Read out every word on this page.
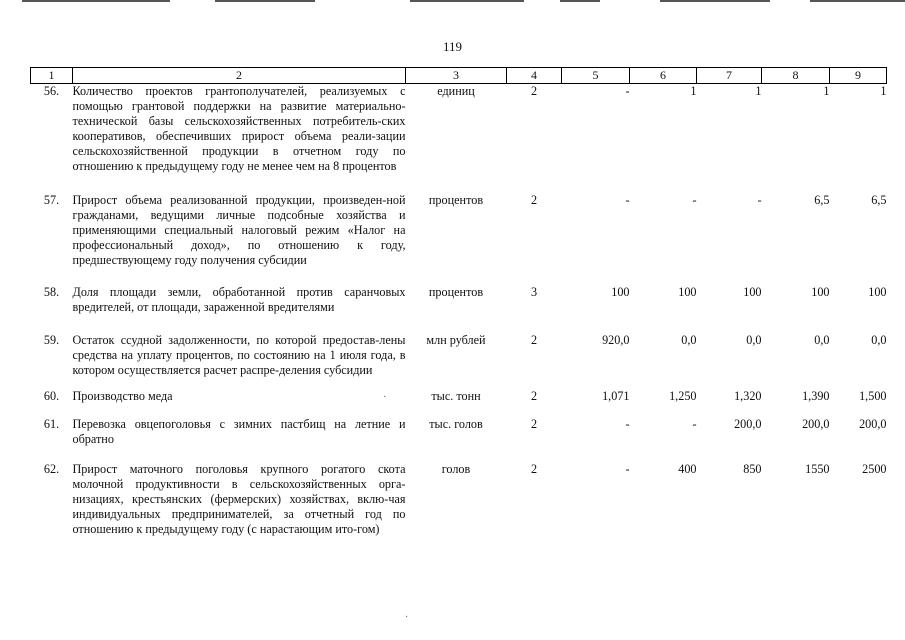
119
1	2	3	4	5	6	7	8	9
56.	Количество проектов грантополучателей, реализуемых с помощью грантовой поддержки на развитие материально-технической базы сельскохозяйственных потребитель-ских кооперативов, обеспечивших прирост объема реали-зации сельскохозяйственной продукции в отчетном году по отношению к предыдущему году не менее чем на 8 процентов	единиц	2	-	1	1	1	1
57.	Прирост объема реализованной продукции, произведен-ной гражданами, ведущими личные подсобные хозяйства и применяющими специальный налоговый режим «Налог на профессиональный доход», по отношению к году, предшествующему году получения субсидии	процентов	2	-	-	-	6,5	6,5
58.	Доля площади земли, обработанной против саранчовых вредителей, от площади, зараженной вредителями	процентов	3	100	100	100	100	100
59.	Остаток ссудной задолженности, по которой предостав-лены средства на уплату процентов, по состоянию на 1 июля года, в котором осуществляется расчет распре-деления субсидии	млн рублей	2	920,0	0,0	0,0	0,0	0,0
60.	Производство меда	тыс. тонн	2	1,071	1,250	1,320	1,390	1,500
61.	Перевозка овцепоголовья с зимних пастбищ на летние и обратно	тыс. голов	2	-	-	200,0	200,0	200,0
62.	Прирост маточного поголовья крупного рогатого скота молочной продуктивности в сельскохозяйственных орга-низациях, крестьянских (фермерских) хозяйствах, вклю-чая индивидуальных предпринимателей, за отчетный год по отношению к предыдущему году (с нарастающим ито-гом)	голов	2	-	400	850	1550	2500
·
·
